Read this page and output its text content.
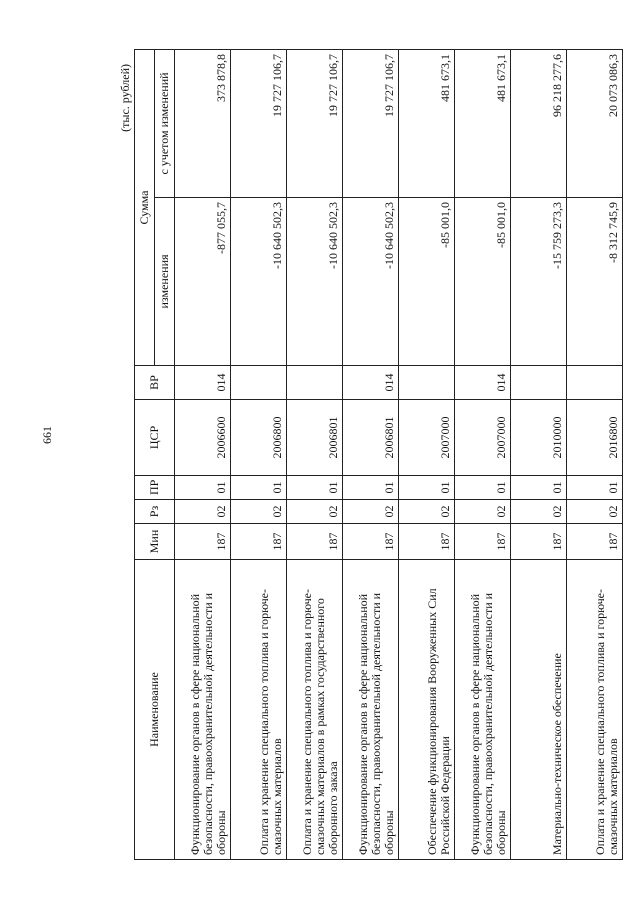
661
(тыс. рублей)
Наименование	Мин	Рз	ПР	ЦСР	ВР	Сумма	
						изменения	с учетом изменений
Функционирование органов в сфере национальной безопасности, правоохранительной деятельности и обороны	187	02	01	2006600	014	-877 055,7	373 878,8
Оплата и хранение специального топлива и горюче-смазочных материалов	187	02	01	2006800		-10 640 502,3	19 727 106,7
Оплата и хранение специального топлива и горюче-смазочных материалов в рамках государственного оборонного заказа	187	02	01	2006801		-10 640 502,3	19 727 106,7
Функционирование органов в сфере национальной безопасности, правоохранительной деятельности и обороны	187	02	01	2006801	014	-10 640 502,3	19 727 106,7
Обеспечение функционирования Вооруженных Сил Российской Федерации	187	02	01	2007000		-85 001,0	481 673,1
Функционирование органов в сфере национальной безопасности, правоохранительной деятельности и обороны	187	02	01	2007000	014	-85 001,0	481 673,1
Материально-техническое обеспечение	187	02	01	2010000		-15 759 273,3	96 218 277,6
Оплата и хранение специального топлива и горюче-смазочных материалов	187	02	01	2016800		-8 312 745,9	20 073 086,3
